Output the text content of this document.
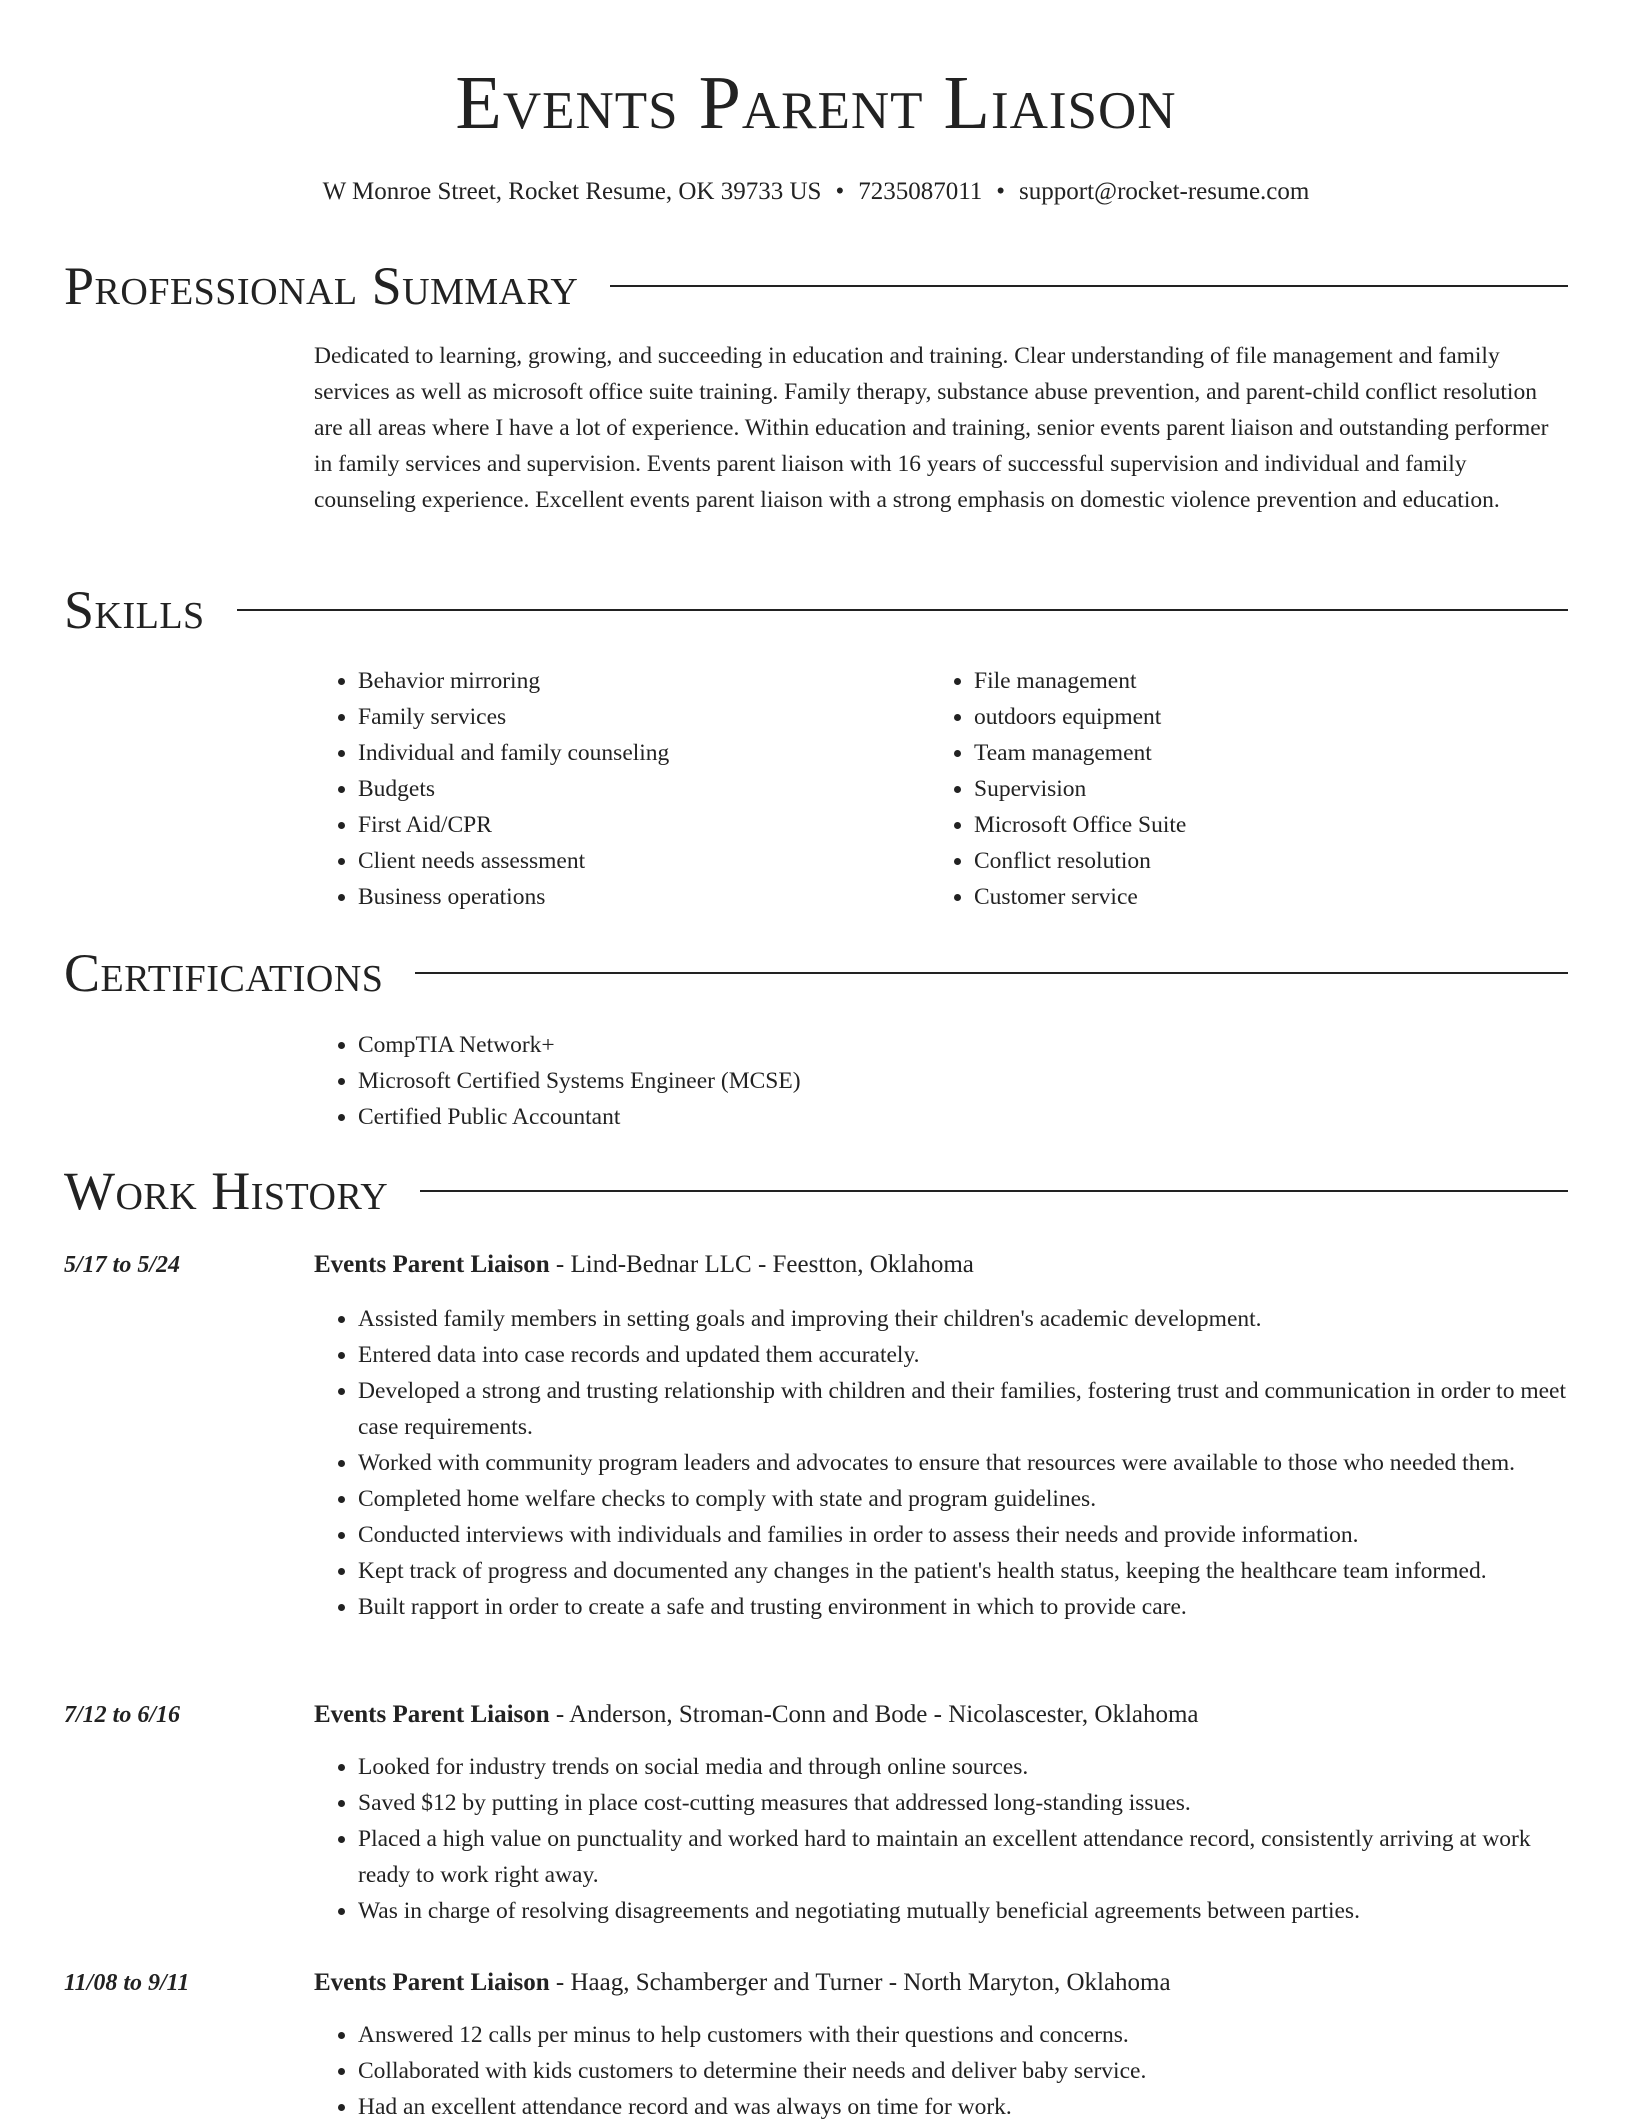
Events Parent Liaison
W Monroe Street, Rocket Resume, OK 39733 US • 7235087011 • support@rocket-resume.com
Professional Summary

Dedicated to learning, growing, and succeeding in education and training. Clear understanding of file management and family services as well as microsoft office suite training. Family therapy, substance abuse prevention, and parent-child conflict resolution are all areas where I have a lot of experience. Within education and training, senior events parent liaison and outstanding performer in family services and supervision. Events parent liaison with 16 years of successful supervision and individual and family counseling experience. Excellent events parent liaison with a strong emphasis on domestic violence prevention and education.

Skills
• Behavior mirroring
• Family services
• Individual and family counseling
• Budgets
• First Aid/CPR
• Client needs assessment
• Business operations
• File management
• outdoors equipment
• Team management
• Supervision
• Microsoft Office Suite
• Conflict resolution
• Customer service
Certifications
• CompTIA Network+
• Microsoft Certified Systems Engineer (MCSE)
• Certified Public Accountant
Work History
5/17 to 5/24	Events Parent Liaison - Lind-Bednar LLC - Feestton, Oklahoma
• Assisted family members in setting goals and improving their children's academic development.
• Entered data into case records and updated them accurately.
• Developed a strong and trusting relationship with children and their families, fostering trust and communication in order to meet case requirements.
• Worked with community program leaders and advocates to ensure that resources were available to those who needed them.
• Completed home welfare checks to comply with state and program guidelines.
• Conducted interviews with individuals and families in order to assess their needs and provide information.
• Kept track of progress and documented any changes in the patient's health status, keeping the healthcare team informed.
• Built rapport in order to create a safe and trusting environment in which to provide care.
7/12 to 6/16	Events Parent Liaison - Anderson, Stroman-Conn and Bode - Nicolascester, Oklahoma
• Looked for industry trends on social media and through online sources.
• Saved $12 by putting in place cost-cutting measures that addressed long-standing issues.
• Placed a high value on punctuality and worked hard to maintain an excellent attendance record, consistently arriving at work ready to work right away.
• Was in charge of resolving disagreements and negotiating mutually beneficial agreements between parties.
11/08 to 9/11	Events Parent Liaison - Haag, Schamberger and Turner - North Maryton, Oklahoma
• Answered 12 calls per minus to help customers with their questions and concerns.
• Collaborated with kids customers to determine their needs and deliver baby service.
• Had an excellent attendance record and was always on time for work.
